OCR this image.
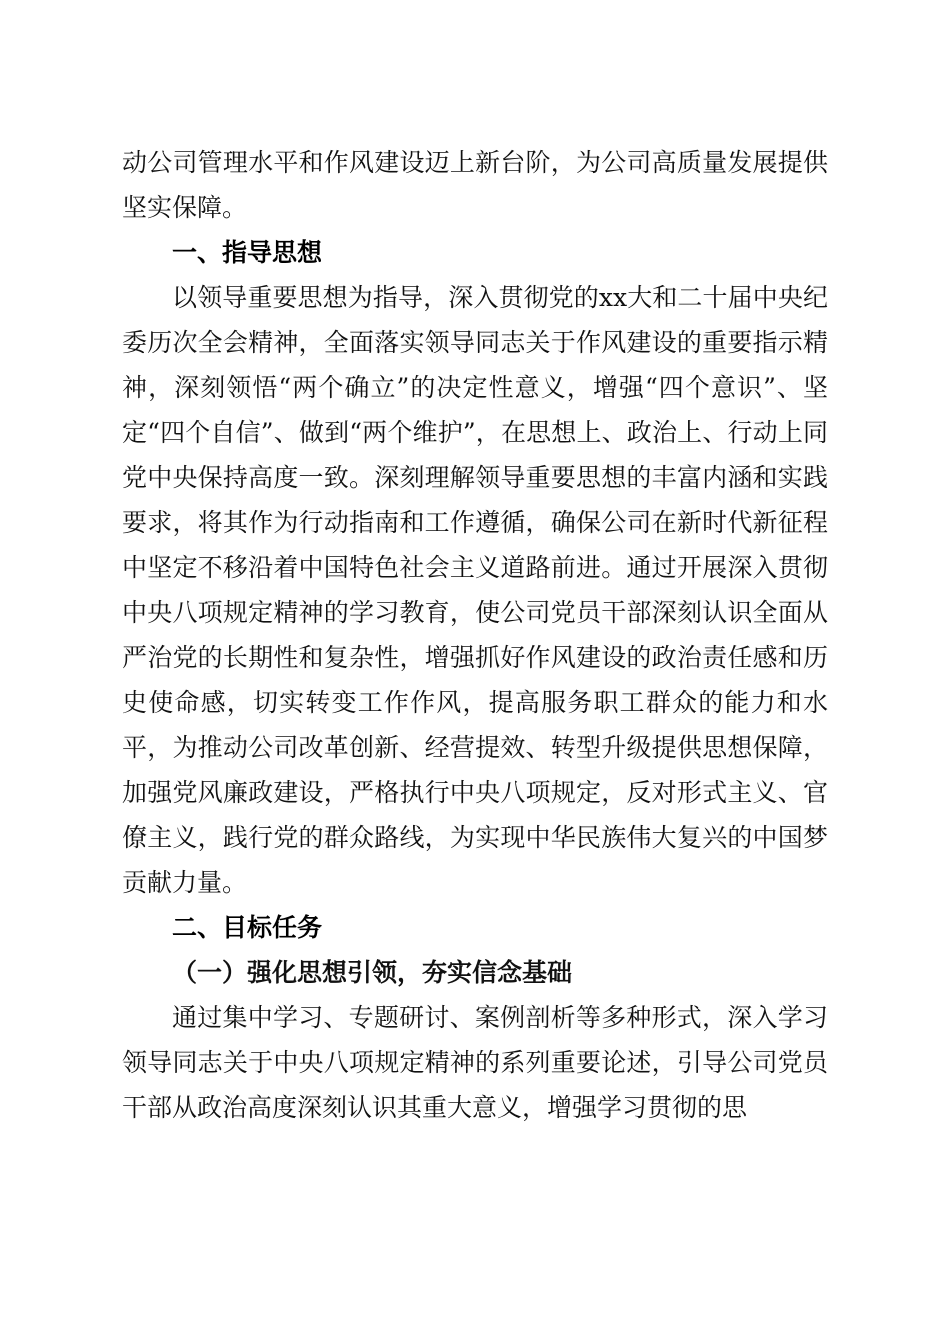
动公司管理水平和作风建设迈上新台阶，为公司高质量发展提供坚实保障。

一、指导思想

以领导重要思想为指导，深入贯彻党的xx大和二十届中央纪委历次全会精神，全面落实领导同志关于作风建设的重要指示精神，深刻领悟“两个确立”的决定性意义，增强“四个意识”、坚定“四个自信”、做到“两个维护”，在思想上、政治上、行动上同党中央保持高度一致。深刻理解领导重要思想的丰富内涵和实践要求，将其作为行动指南和工作遵循，确保公司在新时代新征程中坚定不移沿着中国特色社会主义道路前进。通过开展深入贯彻中央八项规定精神的学习教育，使公司党员干部深刻认识全面从严治党的长期性和复杂性，增强抓好作风建设的政治责任感和历史使命感，切实转变工作作风，提高服务职工群众的能力和水平，为推动公司改革创新、经营提效、转型升级提供思想保障，加强党风廉政建设，严格执行中央八项规定，反对形式主义、官僚主义，践行党的群众路线，为实现中华民族伟大复兴的中国梦贡献力量。

二、目标任务

（一）强化思想引领，夯实信念基础

通过集中学习、专题研讨、案例剖析等多种形式，深入学习领导同志关于中央八项规定精神的系列重要论述，引导公司党员干部从政治高度深刻认识其重大意义，增强学习贯彻的思
